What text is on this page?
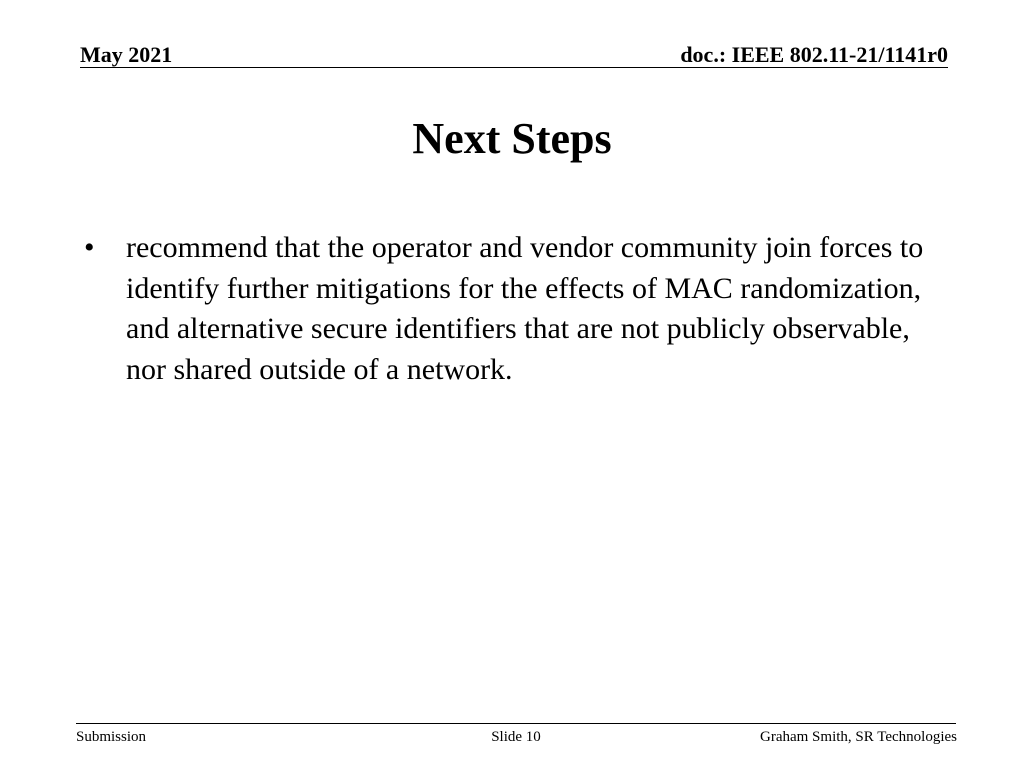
May 2021	doc.: IEEE 802.11-21/1141r0
Next Steps
•	recommend that the operator and vendor community join forces to identify further mitigations for the effects of MAC randomization, and alternative secure identifiers that are not publicly observable, nor shared outside of a network.
Submission	Slide 10	Graham Smith, SR Technologies
